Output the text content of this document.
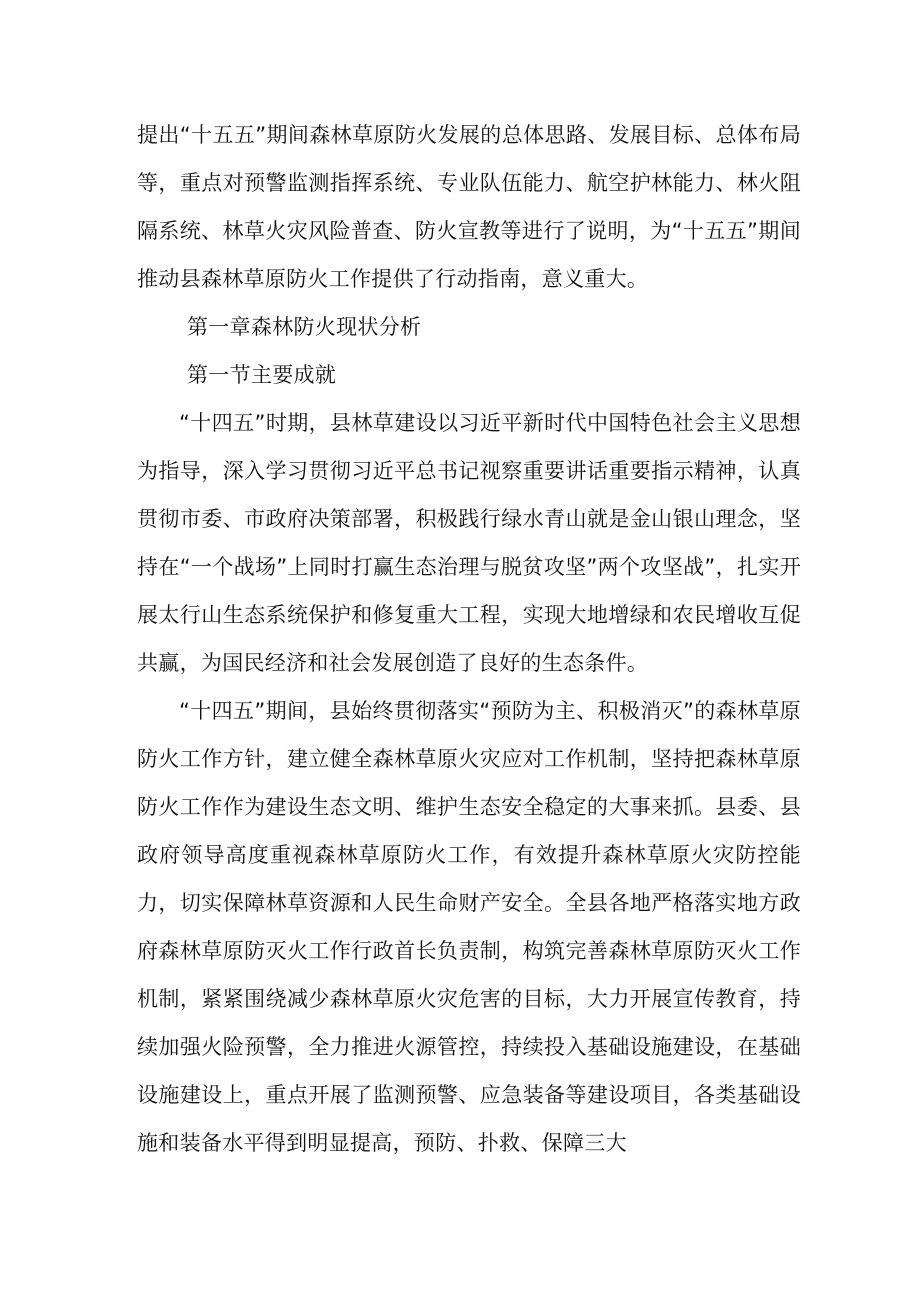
提出“十五五”期间森林草原防火发展的总体思路、发展目标、总体布局等，重点对预警监测指挥系统、专业队伍能力、航空护林能力、林火阻隔系统、林草火灾风险普查、防火宣教等进行了说明，为“十五五”期间推动县森林草原防火工作提供了行动指南，意义重大。

第一章森林防火现状分析

第一节主要成就

“十四五”时期，县林草建设以习近平新时代中国特色社会主义思想为指导，深入学习贯彻习近平总书记视察重要讲话重要指示精神，认真贯彻市委、市政府决策部署，积极践行绿水青山就是金山银山理念，坚持在“一个战场”上同时打赢生态治理与脱贫攻坚”两个攻坚战”，扎实开展太行山生态系统保护和修复重大工程，实现大地增绿和农民增收互促共赢，为国民经济和社会发展创造了良好的生态条件。

“十四五”期间，县始终贯彻落实“预防为主、积极消灭”的森林草原防火工作方针，建立健全森林草原火灾应对工作机制，坚持把森林草原防火工作作为建设生态文明、维护生态安全稳定的大事来抓。县委、县政府领导高度重视森林草原防火工作，有效提升森林草原火灾防控能力，切实保障林草资源和人民生命财产安全。全县各地严格落实地方政府森林草原防灭火工作行政首长负责制，构筑完善森林草原防灭火工作机制，紧紧围绕减少森林草原火灾危害的目标，大力开展宣传教育，持续加强火险预警，全力推进火源管控，持续投入基础设施建设，在基础设施建设上，重点开展了监测预警、应急装备等建设项目，各类基础设施和装备水平得到明显提高，预防、扑救、保障三大
